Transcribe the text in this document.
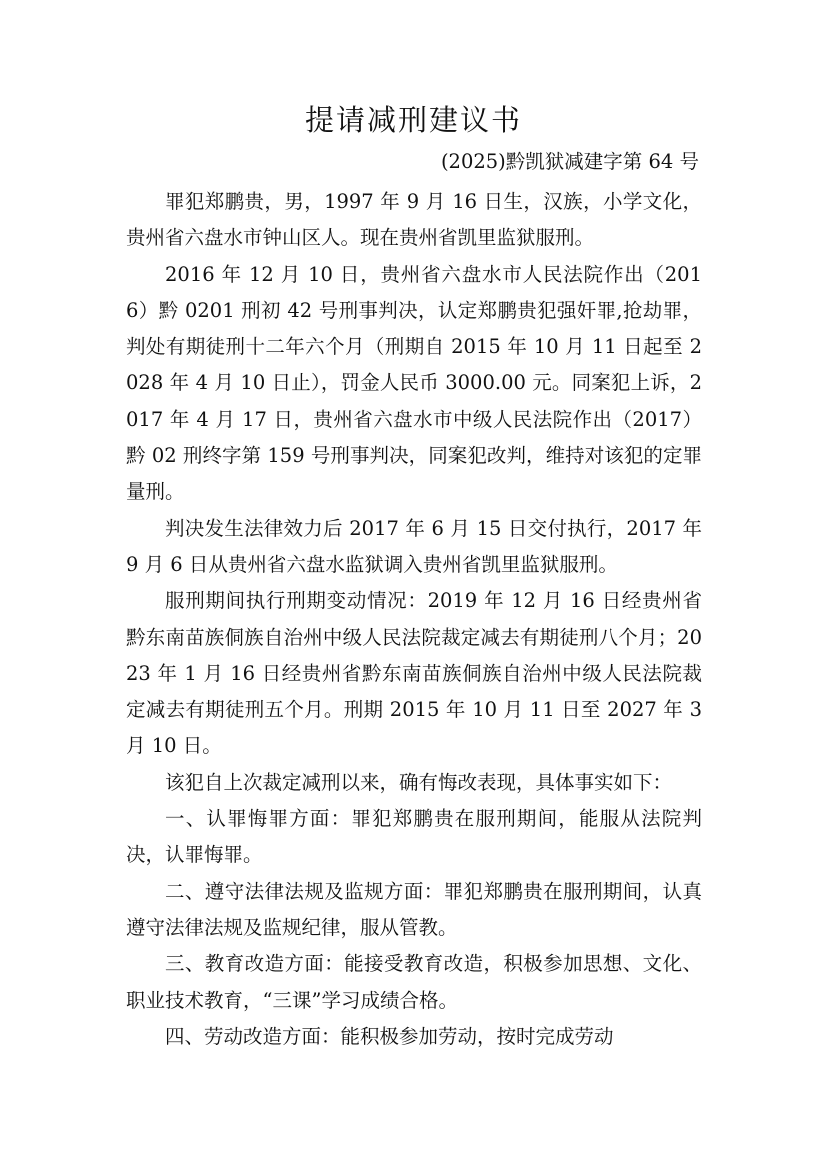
提请减刑建议书
(2025)黔凯狱减建字第 64 号

罪犯郑鹏贵，男，1997 年 9 月 16 日生，汉族，小学文化，贵州省六盘水市钟山区人。现在贵州省凯里监狱服刑。

2016 年 12 月 10 日，贵州省六盘水市人民法院作出（2016）黔 0201 刑初 42 号刑事判决，认定郑鹏贵犯强奸罪,抢劫罪，判处有期徒刑十二年六个月（刑期自 2015 年 10 月 11 日起至 2028 年 4 月 10 日止），罚金人民币 3000.00 元。同案犯上诉，2017 年 4 月 17 日，贵州省六盘水市中级人民法院作出（2017）黔 02 刑终字第 159 号刑事判决，同案犯改判，维持对该犯的定罪量刑。

判决发生法律效力后 2017 年 6 月 15 日交付执行，2017 年 9 月 6 日从贵州省六盘水监狱调入贵州省凯里监狱服刑。

服刑期间执行刑期变动情况：2019 年 12 月 16 日经贵州省黔东南苗族侗族自治州中级人民法院裁定减去有期徒刑八个月；2023 年 1 月 16 日经贵州省黔东南苗族侗族自治州中级人民法院裁定减去有期徒刑五个月。刑期 2015 年 10 月 11 日至 2027 年 3 月 10 日。

该犯自上次裁定减刑以来，确有悔改表现，具体事实如下：

一、认罪悔罪方面：罪犯郑鹏贵在服刑期间，能服从法院判决，认罪悔罪。

二、遵守法律法规及监规方面：罪犯郑鹏贵在服刑期间，认真遵守法律法规及监规纪律，服从管教。

三、教育改造方面：能接受教育改造，积极参加思想、文化、职业技术教育，“三课”学习成绩合格。

四、劳动改造方面：能积极参加劳动，按时完成劳动
